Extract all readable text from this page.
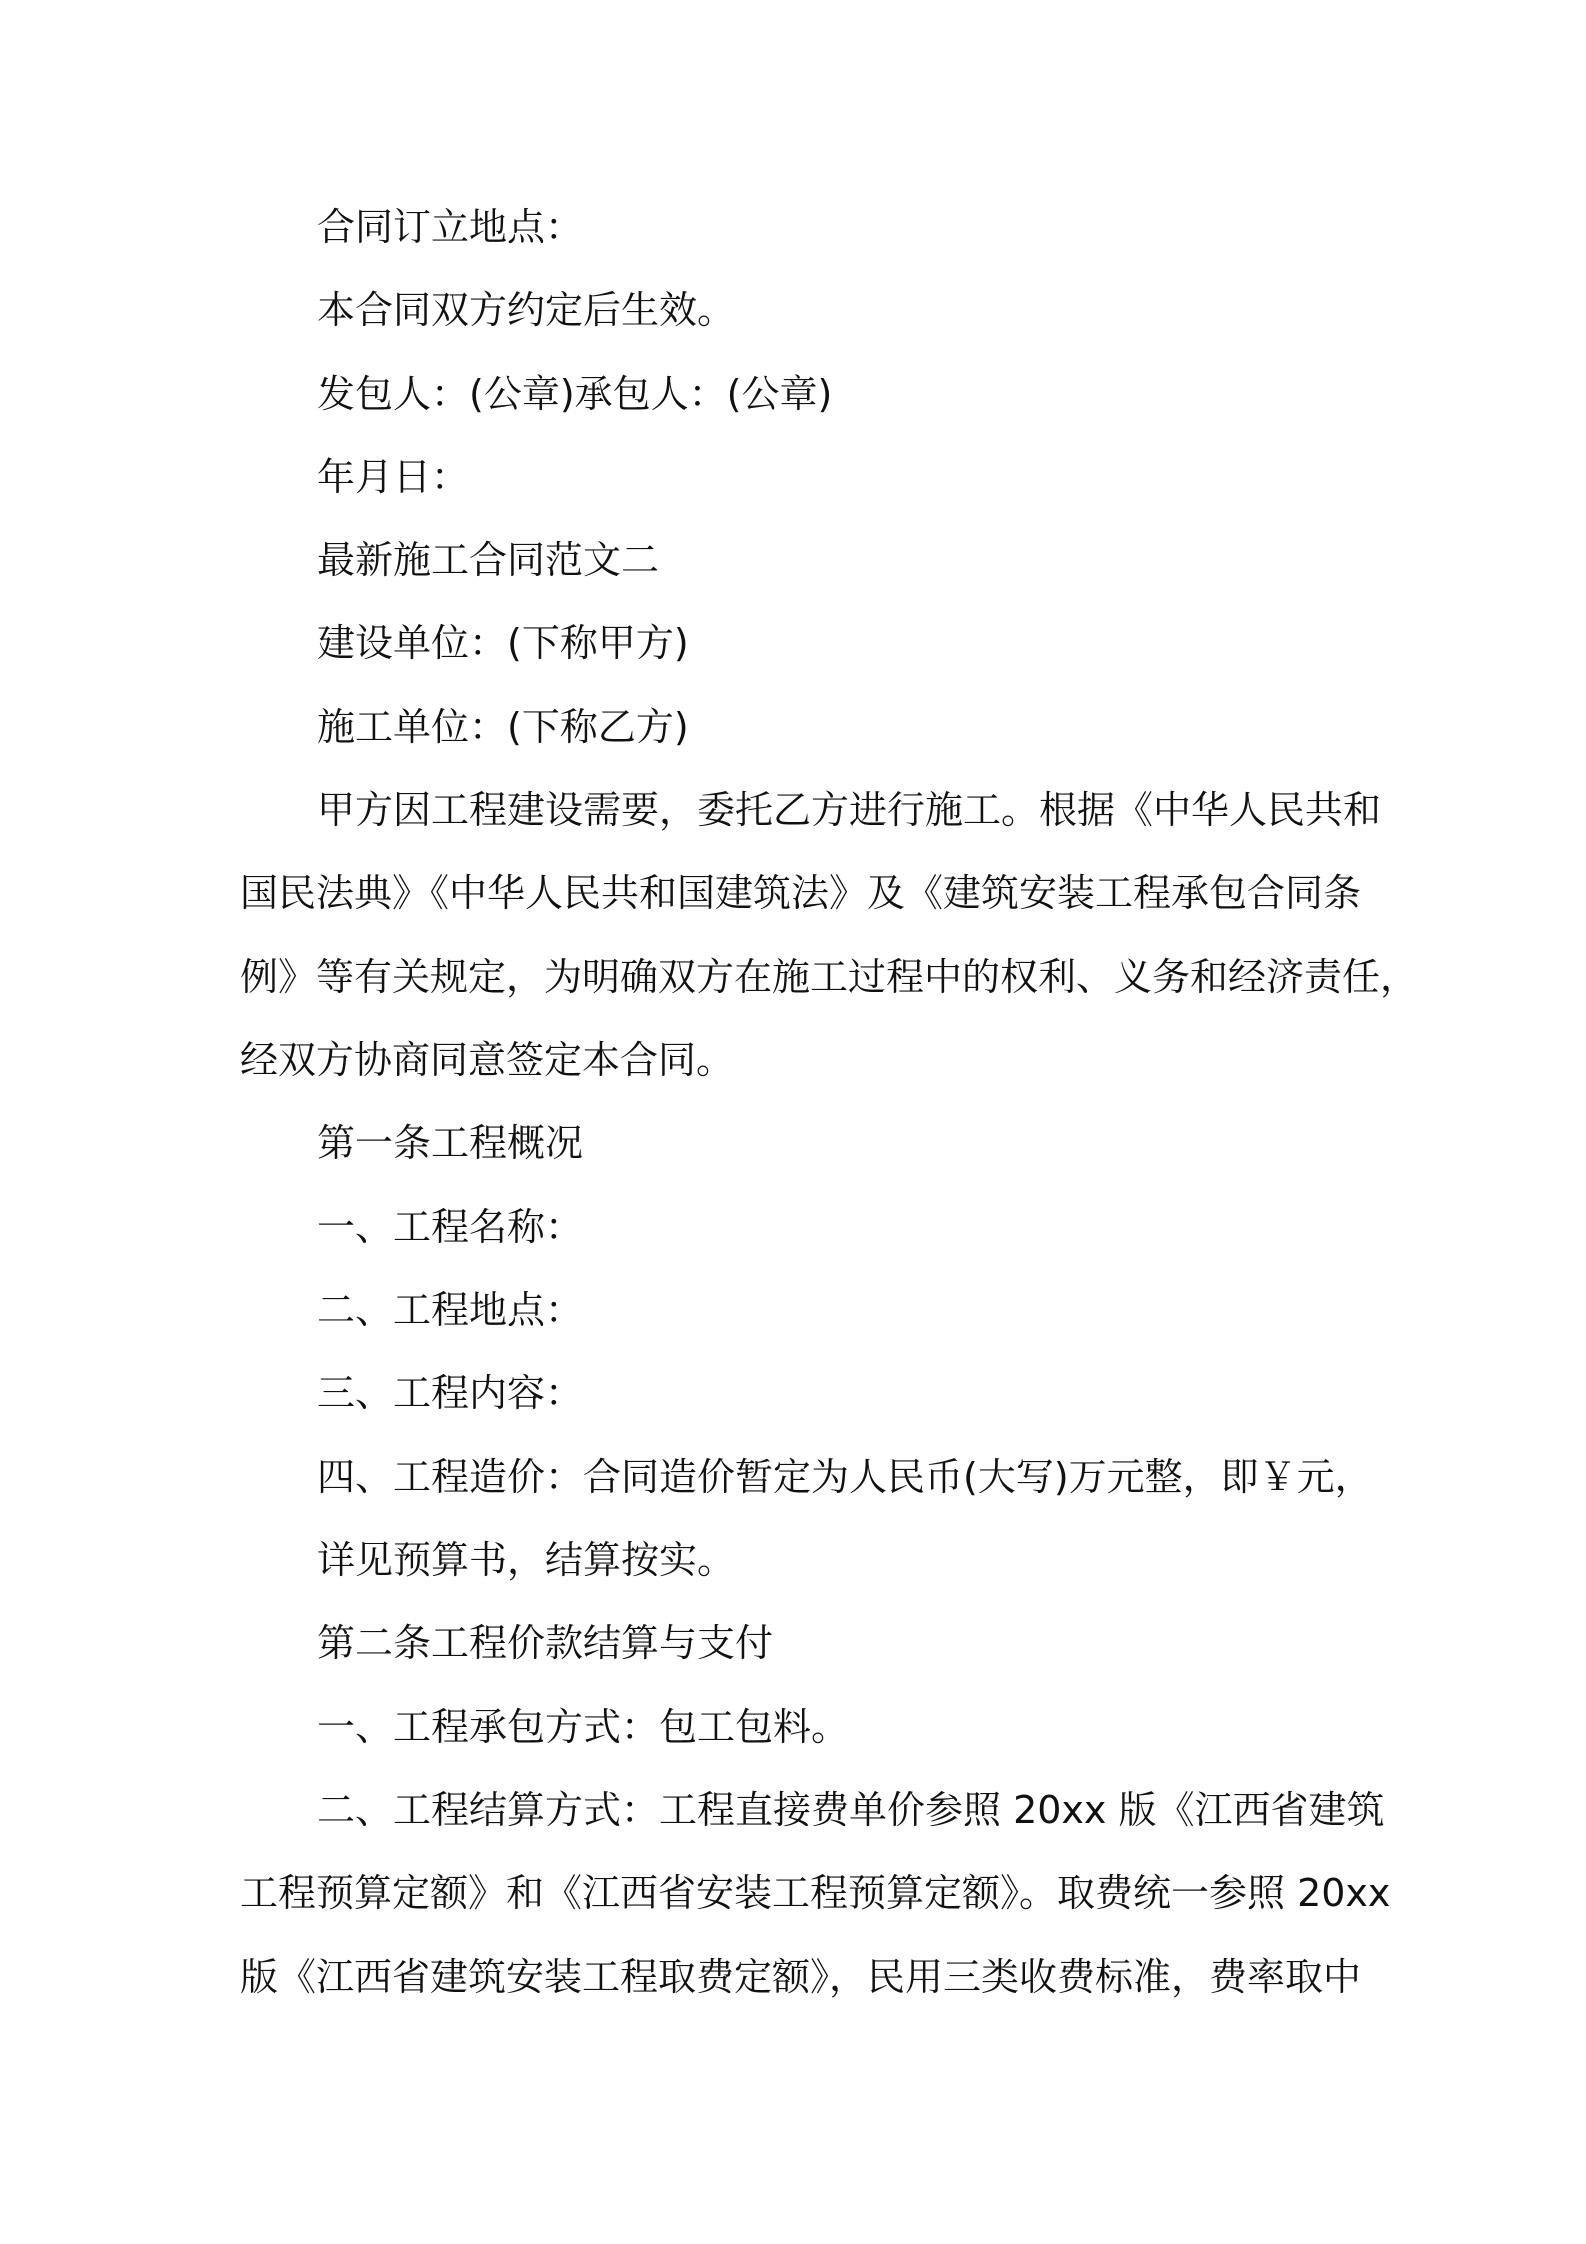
合同订立地点：
本合同双方约定后生效。
发包人：(公章)承包人：(公章)
年月日：
最新施工合同范文二
建设单位：(下称甲方)
施工单位：(下称乙方)
甲方因工程建设需要，委托乙方进行施工。根据《中华人民共和
国民法典》《中华人民共和国建筑法》及《建筑安装工程承包合同条
例》等有关规定，为明确双方在施工过程中的权利、义务和经济责任，
经双方协商同意签定本合同。
第一条工程概况
一、工程名称：
二、工程地点：
三、工程内容：
四、工程造价：合同造价暂定为人民币(大写)万元整，即￥元，
详见预算书，结算按实。
第二条工程价款结算与支付
一、工程承包方式：包工包料。
二、工程结算方式：工程直接费单价参照 20xx 版《江西省建筑
工程预算定额》和《江西省安装工程预算定额》。取费统一参照 20xx
版《江西省建筑安装工程取费定额》，民用三类收费标准，费率取中
